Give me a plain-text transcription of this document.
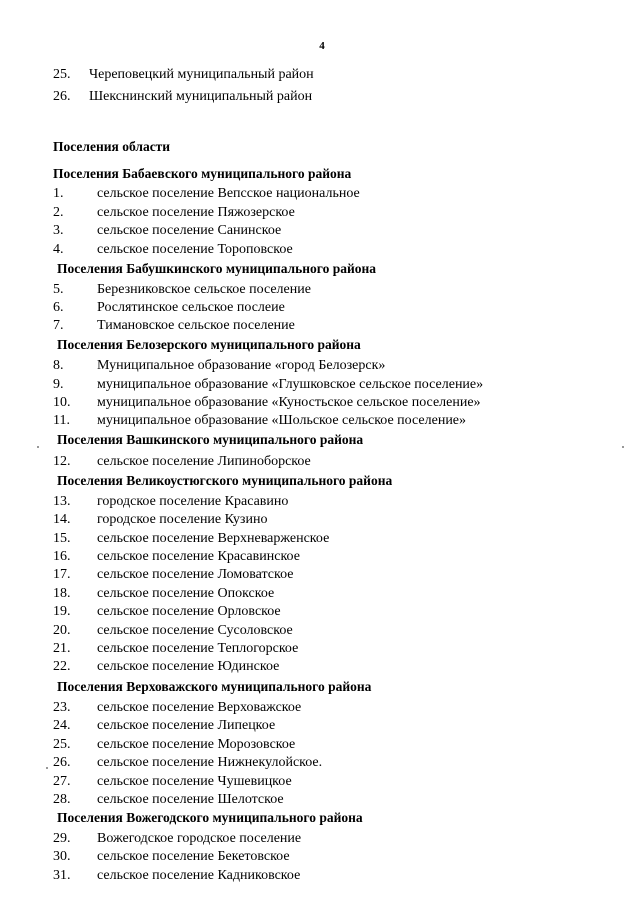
4
25. Череповецкий муниципальный район
26. Шекснинский муниципальный район
Поселения области
Поселения Бабаевского муниципального района
1. сельское поселение Вепсское национальное
2. сельское поселение Пяжозерское
3. сельское поселение Санинское
4. сельское поселение Тороповское
Поселения Бабушкинского муниципального района
5. Березниковское сельское поселение
6. Рослятинское сельское послеие
7. Тимановское сельское поселение
Поселения Белозерского муниципального района
8. Муниципальное образование «город Белозерск»
9. муниципальное образование «Глушковское сельское поселение»
10. муниципальное образование «Куностьское сельское поселение»
11. муниципальное образование «Шольское сельское поселение»
Поселения Вашкинского муниципального района
12. сельское поселение Липиноборское
Поселения Великоустюгского муниципального района
13. городское поселение Красавино
14. городское поселение Кузино
15. сельское поселение Верхневарженское
16. сельское поселение Красавинское
17. сельское поселение Ломоватское
18. сельское поселение Опокское
19. сельское поселение Орловское
20. сельское поселение Сусоловское
21. сельское поселение Теплогорское
22. сельское поселение Юдинское
Поселения Верховажского муниципального района
23. сельское поселение Верховажское
24. сельское поселение Липецкое
25. сельское поселение Морозовское
26. сельское поселение Нижнекулойское.
27. сельское поселение Чушевицкое
28. сельское поселение Шелотское
Поселения Вожегодского муниципального района
29. Вожегодское городское поселение
30. сельское поселение Бекетовское
31. сельское поселение Кадниковское
